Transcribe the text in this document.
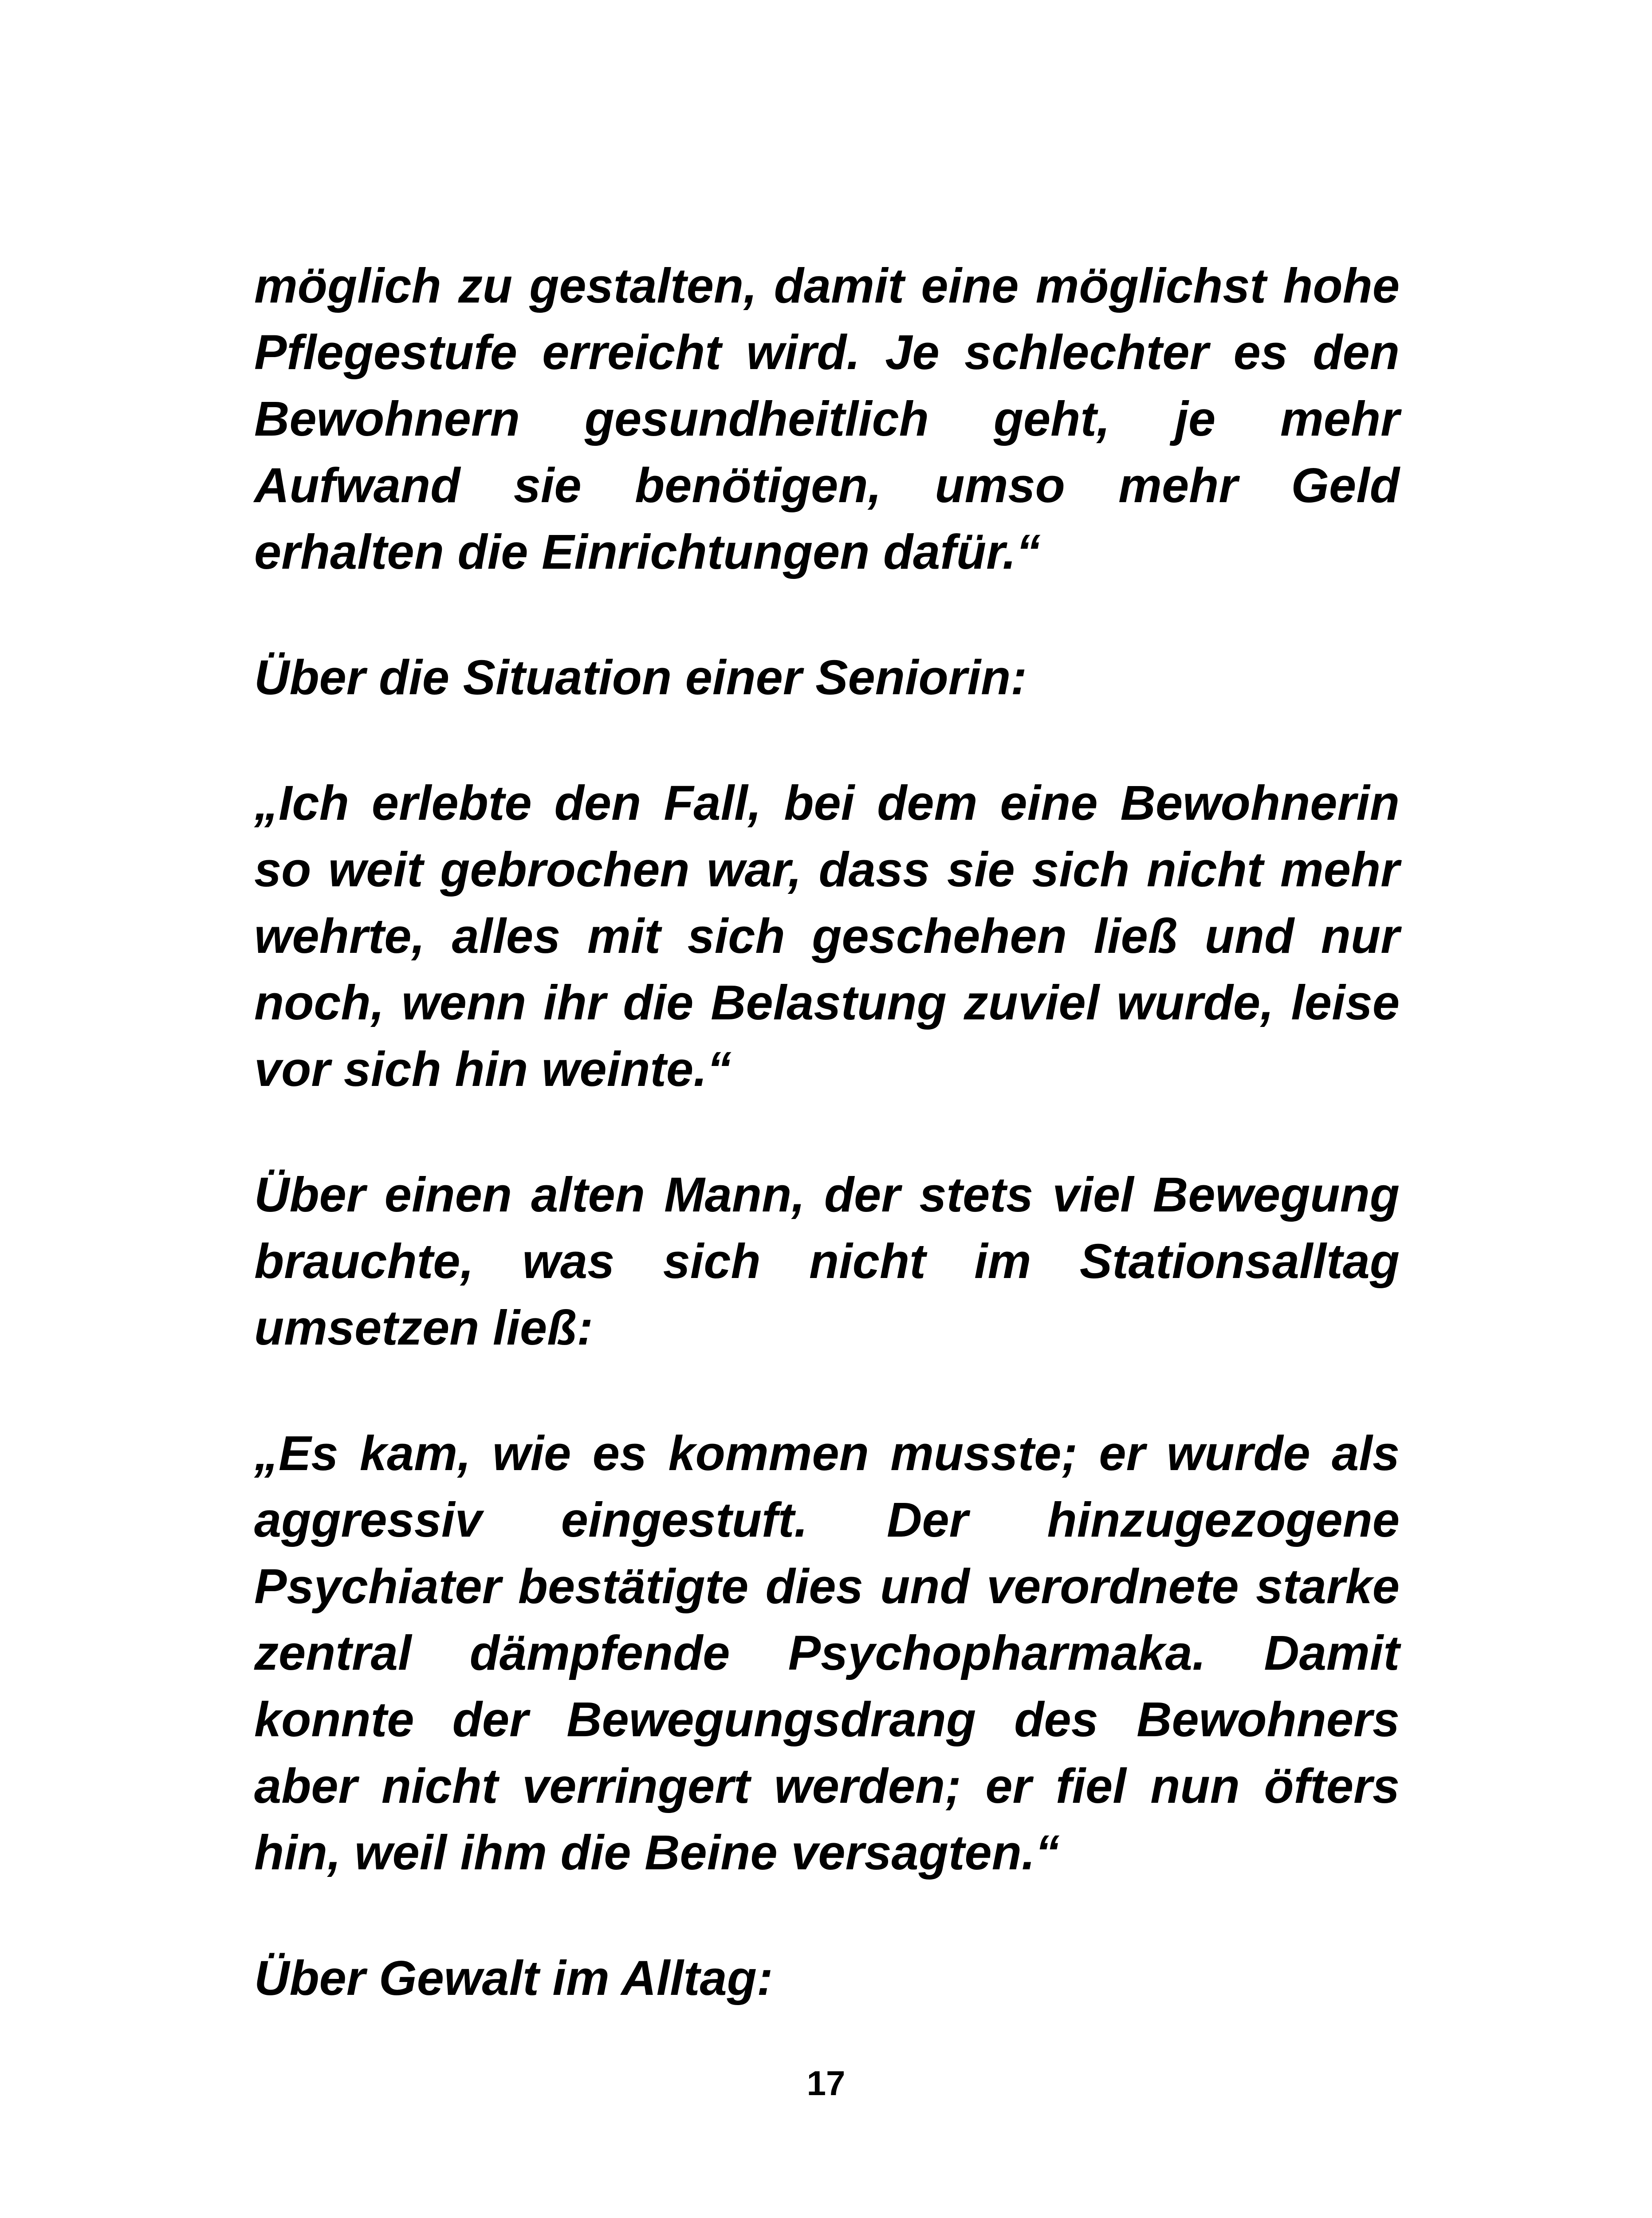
möglich zu gestalten, damit eine möglichst hohe Pflegestufe erreicht wird. Je schlechter es den Bewohnern gesundheitlich geht, je mehr Aufwand sie benötigen, umso mehr Geld erhalten die Einrichtungen dafür.“

Über die Situation einer Seniorin:

„Ich erlebte den Fall, bei dem eine Bewohnerin so weit gebrochen war, dass sie sich nicht mehr wehrte, alles mit sich geschehen ließ und nur noch, wenn ihr die Belastung zuviel wurde, leise vor sich hin weinte.“

Über einen alten Mann, der stets viel Bewegung brauchte, was sich nicht im Stationsalltag umsetzen ließ:

„Es kam, wie es kommen musste; er wurde als aggressiv eingestuft. Der hinzugezogene Psychiater bestätigte dies und verordnete starke zentral dämpfende Psychopharmaka. Damit konnte der Bewegungsdrang des Bewohners aber nicht verringert werden; er fiel nun öfters hin, weil ihm die Beine versagten.“

Über Gewalt im Alltag:

17
